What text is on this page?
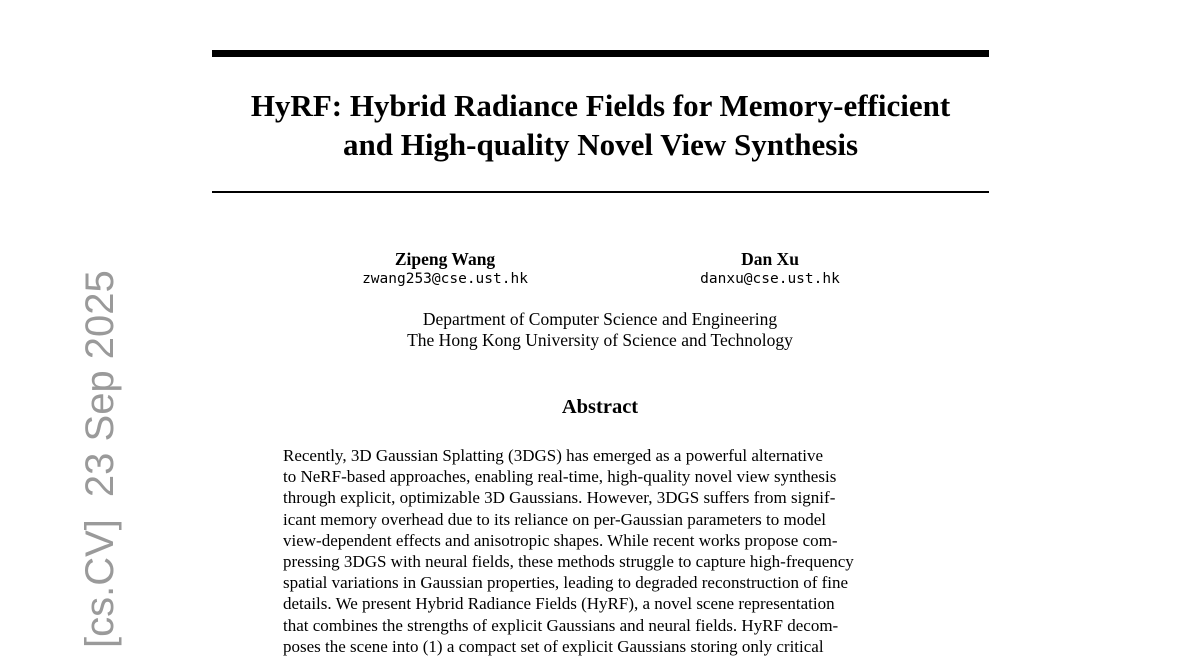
[cs.CV]23 Sep 2025
HyRF: Hybrid Radiance Fields for Memory-efficient
and High-quality Novel View Synthesis
Zipeng Wang
zwang253@cse.ust.hk
Dan Xu
danxu@cse.ust.hk
Department of Computer Science and Engineering
The Hong Kong University of Science and Technology
Abstract
Recently, 3D Gaussian Splatting (3DGS) has emerged as a powerful alternative
to NeRF-based approaches, enabling real-time, high-quality novel view synthesis
through explicit, optimizable 3D Gaussians. However, 3DGS suffers from signif-
icant memory overhead due to its reliance on per-Gaussian parameters to model
view-dependent effects and anisotropic shapes. While recent works propose com-
pressing 3DGS with neural fields, these methods struggle to capture high-frequency
spatial variations in Gaussian properties, leading to degraded reconstruction of fine
details. We present Hybrid Radiance Fields (HyRF), a novel scene representation
that combines the strengths of explicit Gaussians and neural fields. HyRF decom-
poses the scene into (1) a compact set of explicit Gaussians storing only critical
